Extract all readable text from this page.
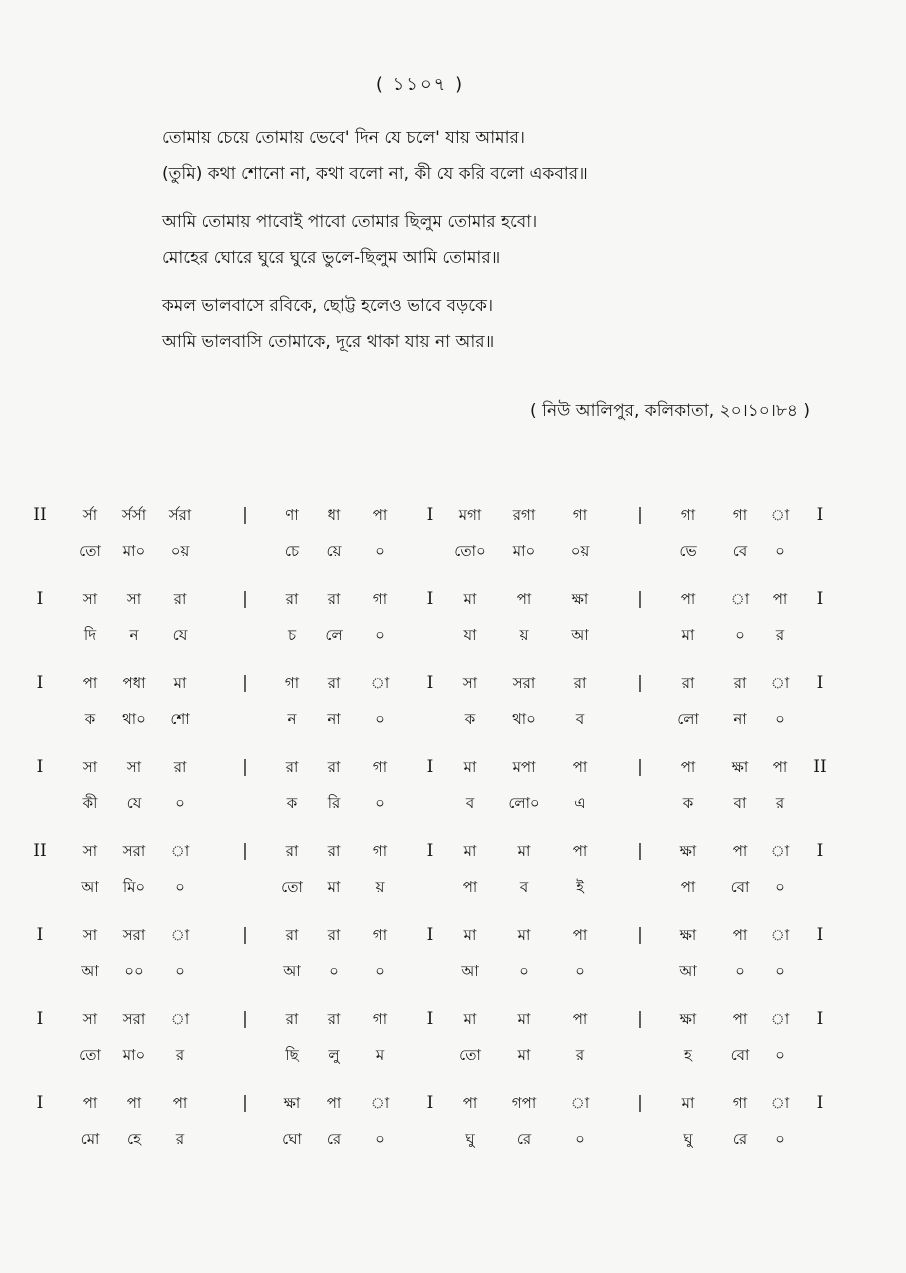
( ১১০৭ )
তোমায় চেয়ে তোমায় ভেবে' দিন যে চলে' যায় আমার।
(তুমি) কথা শোনো না, কথা বলো না, কী যে করি বলো একবার॥
আমি তোমায় পাবোই পাবো তোমার ছিলুম তোমার হবো।
মোহের ঘোরে ঘুরে ঘুরে ভুলে-ছিলুম আমি তোমার॥
কমল ভালবাসে রবিকে, ছোট্ট হলেও ভাবে বড়কে।
আমি ভালবাসি তোমাকে, দূরে থাকা যায় না আর॥
( নিউ আলিপুর, কলিকাতা, ২০।১০।৮৪ )
II র্সা র্সর্সা র্সরা	| ণা ধা পা I মগা রগা	গা	|	গা	গা া I
তো মা০ ০য়	চে য়ে ০	তো০ মা০ ০য়	ভে বে ০
I	সা সা রা	|	রা রা গা I মা	পা	ক্ষা	|	পা া পা I
দি ন যে	চ লে ০	যা	য়	আ	মা	০ র
I	পা পধা মা	| গা রা া I সা সরা	রা	|	রা	রা া I
ক থা০ শো	ন না ০	ক থা০	ব	লো না ০
I	সা সা রা	|	রা রা গা I মা মপা পা	|	পা ক্ষা পা II
কী যে ০	ক রি ০	ব লো০ এ	ক	বা র
II সা সরা া	|	রা রা গা I মা	মা	পা	| ক্ষা পা া I
আ মি০ ০	তো মা য়	পা	ব	ই	পা বো ০
I	সা সরা া	|	রা রা গা I মা	মা	পা	| ক্ষা পা া I
আ ০০ ০	আ ০ ০	আ	০	০	আ	০ ০
I	সা সরা া	|	রা রা গা I মা	মা	পা	| ক্ষা পা া I
তো মা০ র	ছি লু ম	তো মা	র	হ	বো ০
I	পা পা পা	| ক্ষা পা া I পা গপা া	|	মা	গা া I
মো হে র	ঘো রে ০	ঘু	রে	০	ঘু	রে ০
